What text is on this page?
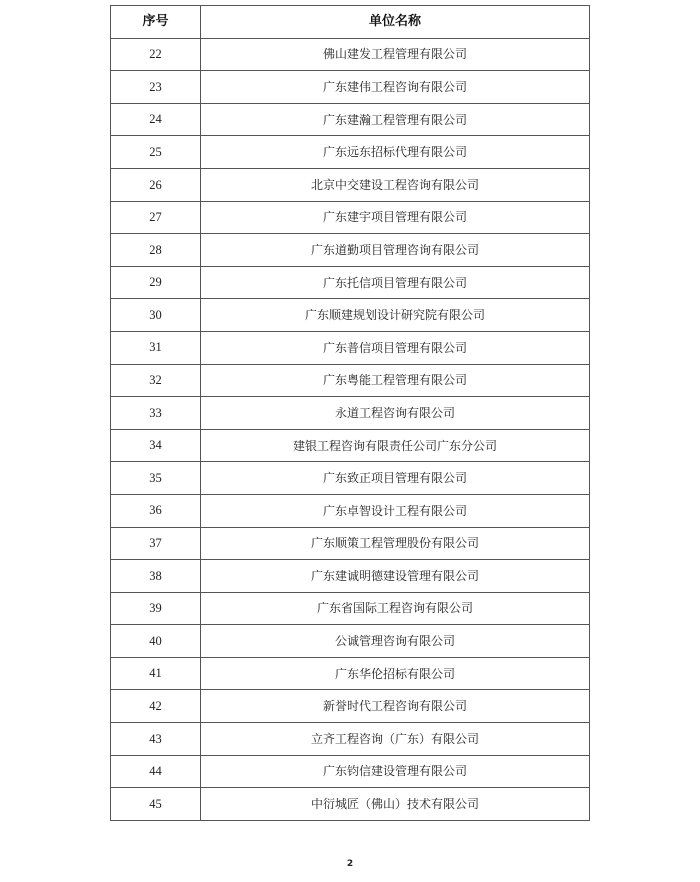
序号	单位名称
22	佛山建发工程管理有限公司
23	广东建伟工程咨询有限公司
24	广东建瀚工程管理有限公司
25	广东远东招标代理有限公司
26	北京中交建设工程咨询有限公司
27	广东建宇项目管理有限公司
28	广东道勤项目管理咨询有限公司
29	广东托信项目管理有限公司
30	广东顺建规划设计研究院有限公司
31	广东普信项目管理有限公司
32	广东粤能工程管理有限公司
33	永道工程咨询有限公司
34	建银工程咨询有限责任公司广东分公司
35	广东致正项目管理有限公司
36	广东卓智设计工程有限公司
37	广东顺策工程管理股份有限公司
38	广东建诚明德建设管理有限公司
39	广东省国际工程咨询有限公司
40	公诚管理咨询有限公司
41	广东华伦招标有限公司
42	新誉时代工程咨询有限公司
43	立齐工程咨询（广东）有限公司
44	广东钧信建设管理有限公司
45	中衍城匠（佛山）技术有限公司
2
